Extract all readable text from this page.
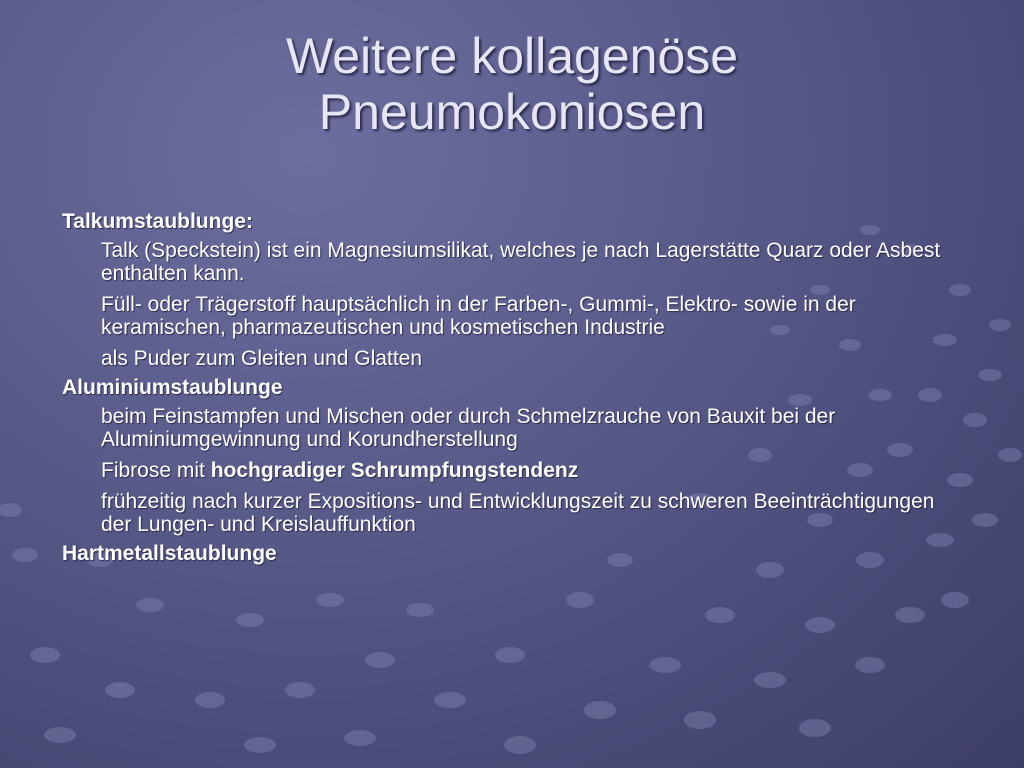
Weitere kollagenöse
Pneumokoniosen
Talkumstaublunge:
Talk (Speckstein) ist ein Magnesiumsilikat, welches je nach Lagerstätte Quarz oder Asbest enthalten kann.
Füll- oder Trägerstoff hauptsächlich in der Farben-, Gummi-, Elektro- sowie in der keramischen, pharmazeutischen und kosmetischen Industrie
als Puder zum Gleiten und Glatten
Aluminiumstaublunge
beim Feinstampfen und Mischen oder durch Schmelzrauche von Bauxit bei der Aluminiumgewinnung und Korundherstellung
Fibrose mit hochgradiger Schrumpfungstendenz
frühzeitig nach kurzer Expositions- und Entwicklungszeit zu schweren Beeinträchtigungen der Lungen- und Kreislauffunktion
Hartmetallstaublunge
